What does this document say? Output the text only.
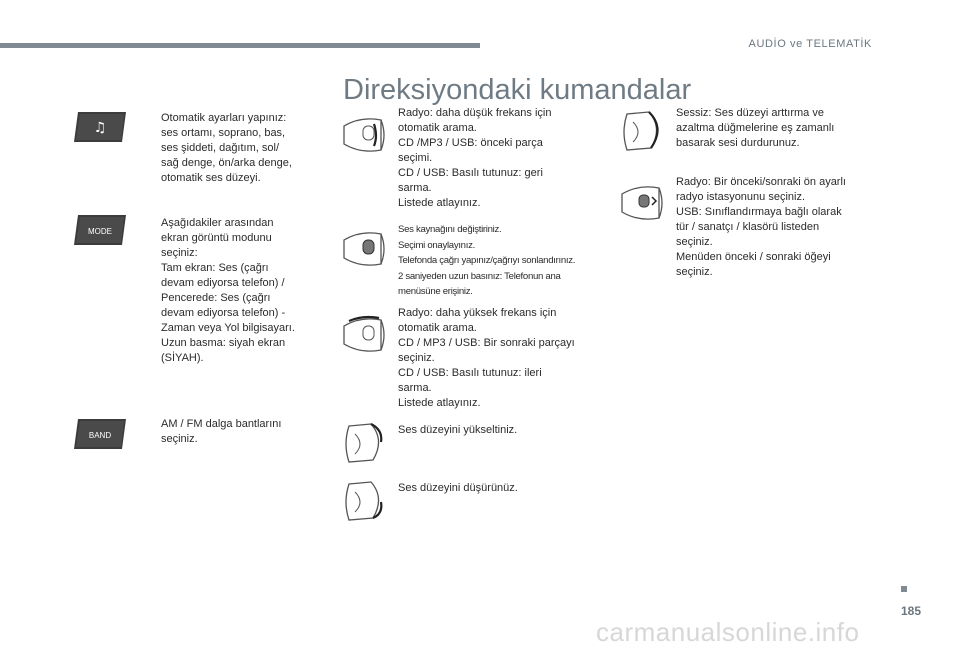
AUDİO ve TELEMATİK
Direksiyondaki kumandalar
♫
MODE
BAND
Otomatik ayarları yapınız:
ses ortamı, soprano, bas,
ses şiddeti, dağıtım, sol/
sağ denge, ön/arka denge,
otomatik ses düzeyi.
Aşağıdakiler arasından
ekran görüntü modunu
seçiniz:
Tam ekran: Ses (çağrı
devam ediyorsa telefon) /
Pencerede: Ses (çağrı
devam ediyorsa telefon) -
Zaman veya Yol bilgisayarı.
Uzun basma: siyah ekran
(SİYAH).
AM / FM dalga bantlarını
seçiniz.
Radyo: daha düşük frekans için
otomatik arama.
CD /MP3 / USB: önceki parça
seçimi.
CD / USB: Basılı tutunuz: geri
sarma.
Listede atlayınız.
Ses kaynağını değiştiriniz.
Seçimi onaylayınız.
Telefonda çağrı yapınız/çağrıyı sonlandırınız.
2 saniyeden uzun basınız: Telefonun ana
menüsüne erişiniz.
Radyo: daha yüksek frekans için
otomatik arama.
CD / MP3 / USB: Bir sonraki parçayı
seçiniz.
CD / USB: Basılı tutunuz: ileri
sarma.
Listede atlayınız.
Ses düzeyini yükseltiniz.
Ses düzeyini düşürünüz.
Sessiz: Ses düzeyi arttırma ve
azaltma düğmelerine eş zamanlı
basarak sesi durdurunuz.
Radyo: Bir önceki/sonraki ön ayarlı
radyo istasyonunu seçiniz.
USB: Sınıflandırmaya bağlı olarak
tür / sanatçı / klasörü listeden
seçiniz.
Menüden önceki / sonraki öğeyi
seçiniz.
185
carmanualsonline.info
